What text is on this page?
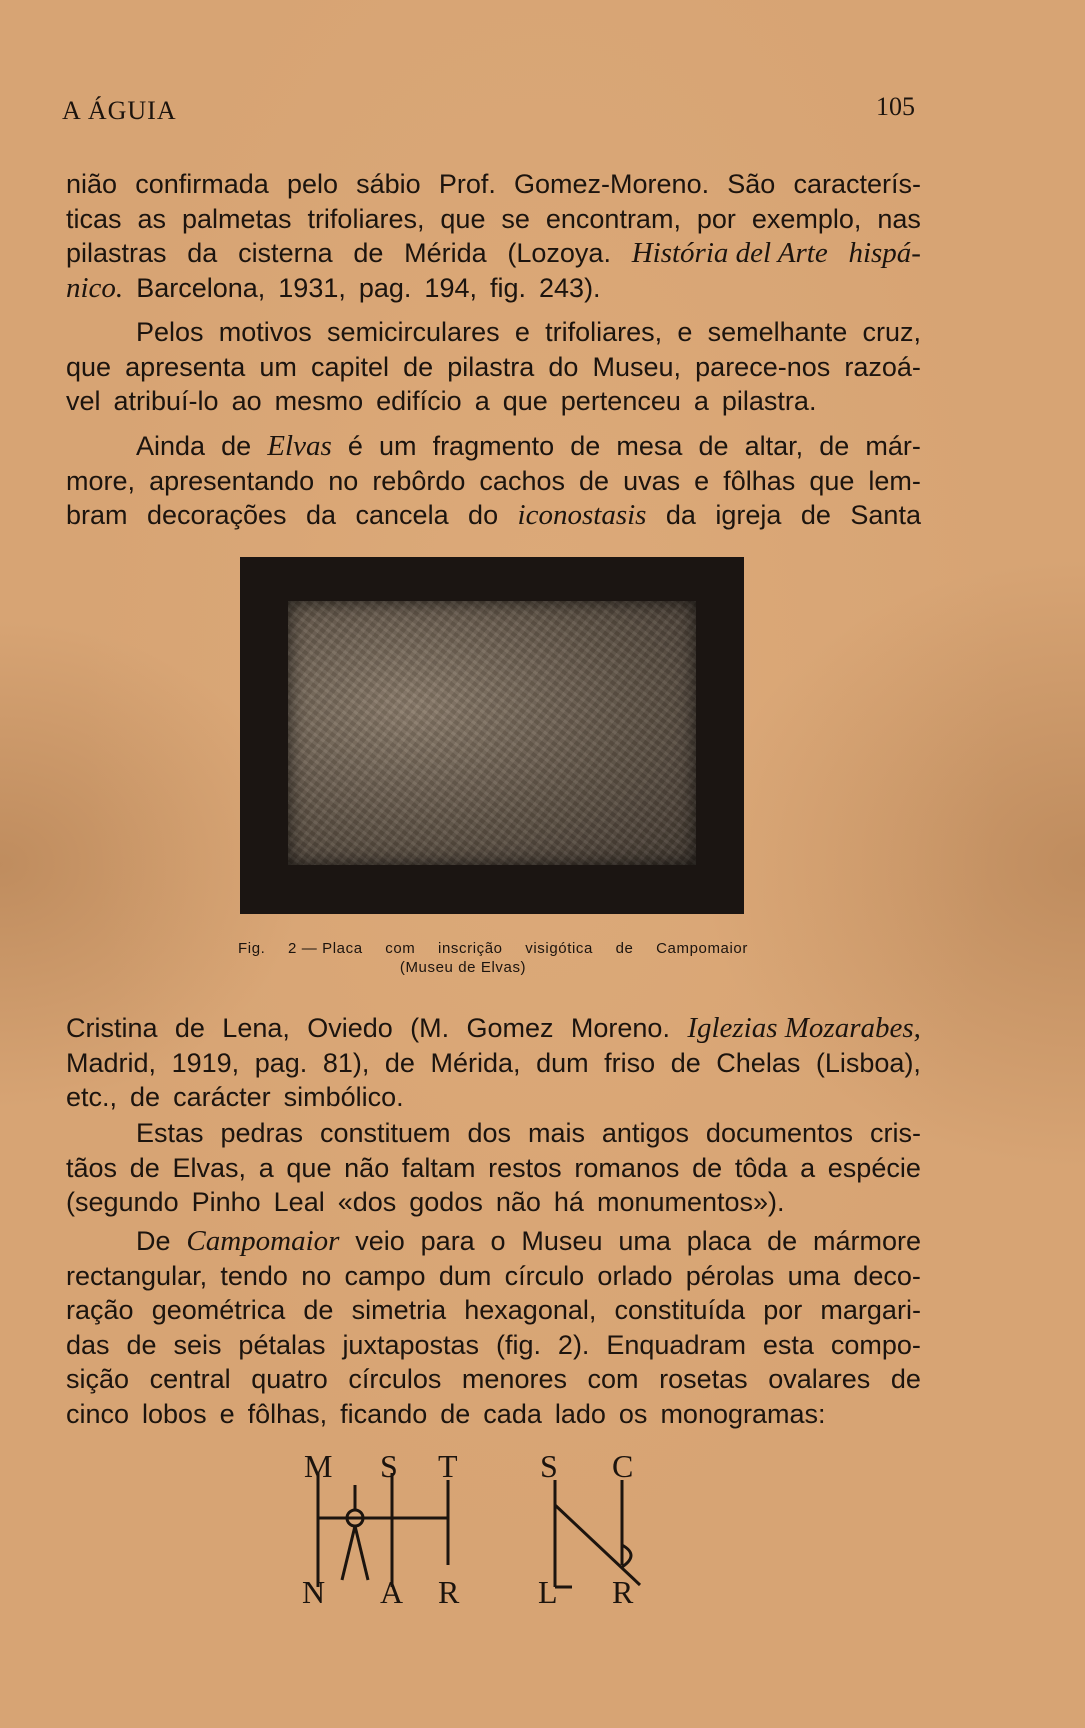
A ÁGUIA	105
nião confirmada pelo sábio Prof. Gomez-Moreno. São caracterís-
ticas as palmetas trifoliares, que se encontram, por exemplo, nas
pilastras da cisterna de Mérida (Lozoya. História del Arte hispá-
nico. Barcelona, 1931, pag. 194, fig. 243).
Pelos motivos semicirculares e trifoliares, e semelhante cruz,
que apresenta um capitel de pilastra do Museu, parece-nos razoá-
vel atribuí-lo ao mesmo edifício a que pertenceu a pilastra.
Ainda de Elvas é um fragmento de mesa de altar, de már-
more, apresentando no rebôrdo cachos de uvas e fôlhas que lem-
bram decorações da cancela do iconostasis da igreja de Santa
Fig. 2 — Placa com inscrição visigótica de Campomaior
(Museu de Elvas)
Cristina de Lena, Oviedo (M. Gomez Moreno. Iglezias Mozarabes,
Madrid, 1919, pag. 81), de Mérida, dum friso de Chelas (Lisboa),
etc., de carácter simbólico.
Estas pedras constituem dos mais antigos documentos cris-
tãos de Elvas, a que não faltam restos romanos de tôda a espécie
(segundo Pinho Leal «dos godos não há monumentos»).
De Campomaior veio para o Museu uma placa de mármore
rectangular, tendo no campo dum círculo orlado pérolas uma deco-
ração geométrica de simetria hexagonal, constituída por margari-
das de seis pétalas juxtapostas (fig. 2). Enquadram esta compo-
sição central quatro círculos menores com rosetas ovalares de
cinco lobos e fôlhas, ficando de cada lado os monogramas:
M S T
N A R
S C
L R
